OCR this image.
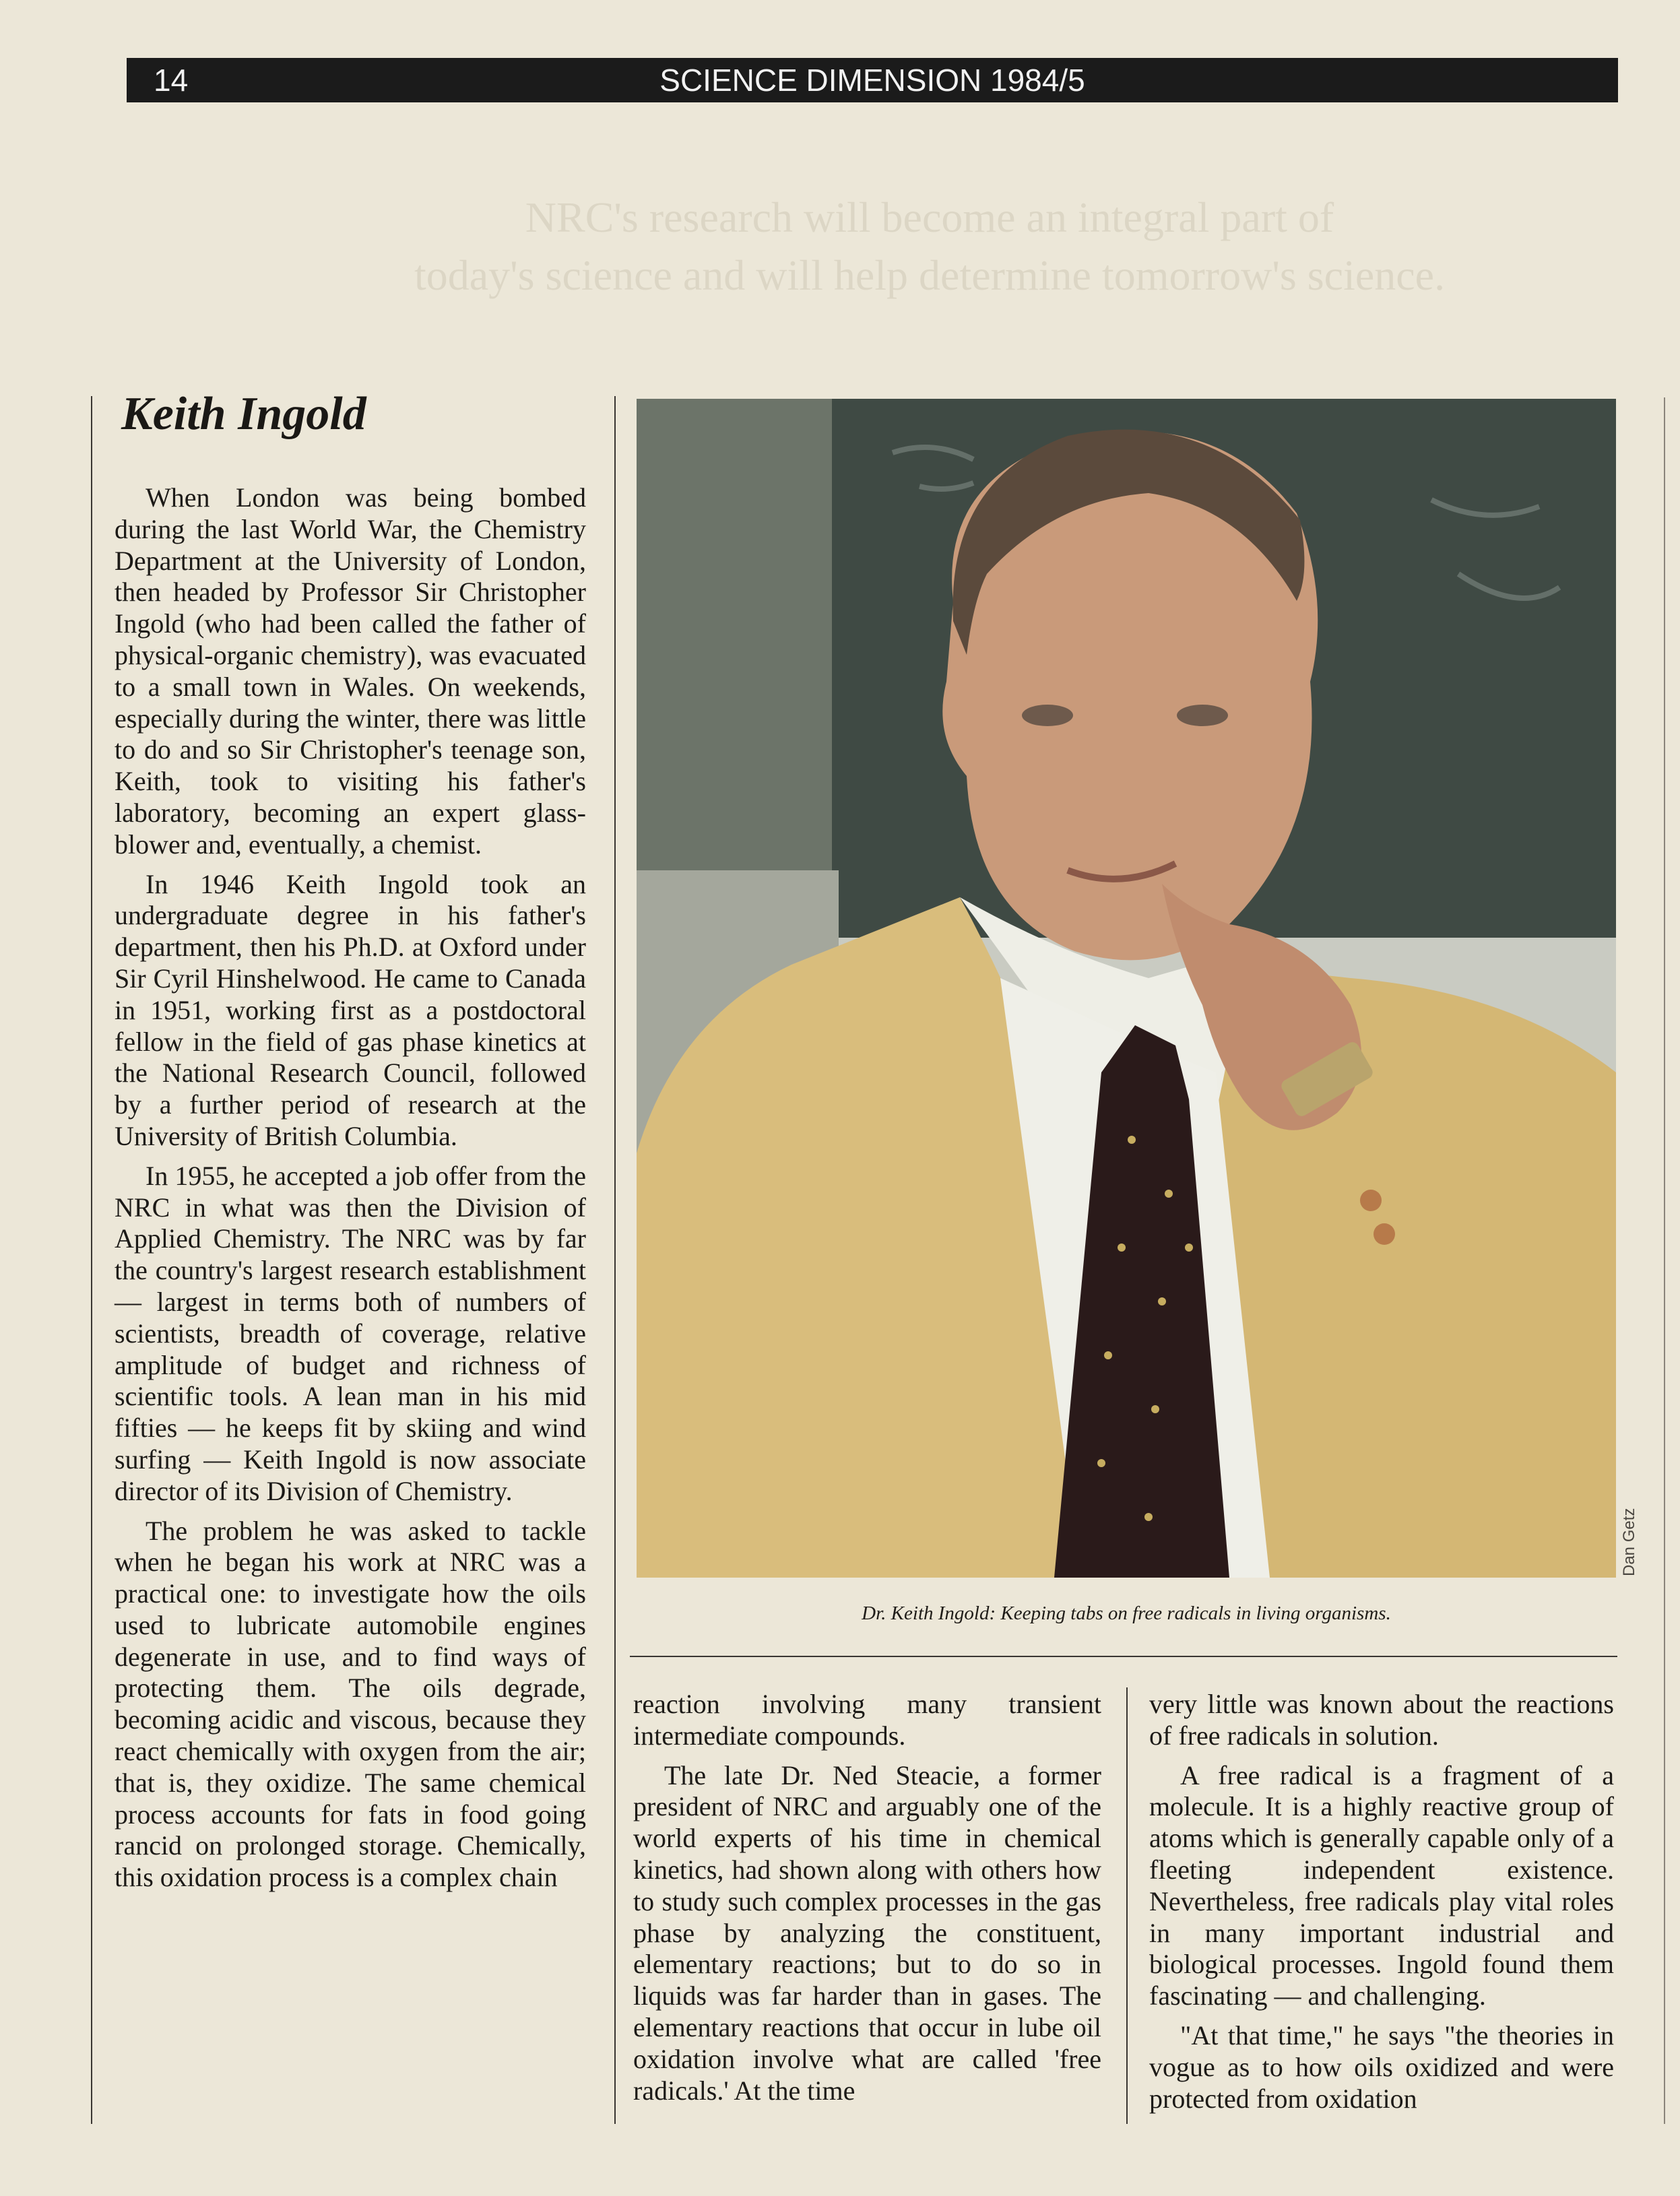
14	SCIENCE DIMENSION 1984/5
NRC's research will become an integral part of
today's science and will help determine tomorrow's science.
Keith Ingold

When London was being bombed during the last World War, the Chemistry Department at the University of London, then headed by Professor Sir Christopher Ingold (who had been called the father of physical-organic chemistry), was evacuated to a small town in Wales. On weekends, especially during the winter, there was little to do and so Sir Christopher's teenage son, Keith, took to visiting his father's laboratory, becoming an expert glass-blower and, eventually, a chemist.

In 1946 Keith Ingold took an undergraduate degree in his father's department, then his Ph.D. at Oxford under Sir Cyril Hinshelwood. He came to Canada in 1951, working first as a postdoctoral fellow in the field of gas phase kinetics at the National Research Council, followed by a further period of research at the University of British Columbia.

In 1955, he accepted a job offer from the NRC in what was then the Division of Applied Chemistry. The NRC was by far the country's largest research establishment — largest in terms both of numbers of scientists, breadth of coverage, relative amplitude of budget and richness of scientific tools. A lean man in his mid fifties — he keeps fit by skiing and wind surfing — Keith Ingold is now associate director of its Division of Chemistry.

The problem he was asked to tackle when he began his work at NRC was a practical one: to investigate how the oils used to lubricate automobile engines degenerate in use, and to find ways of protecting them. The oils degrade, becoming acidic and viscous, because they react chemically with oxygen from the air; that is, they oxidize. The same chemical process accounts for fats in food going rancid on prolonged storage. Chemically, this oxidation process is a complex chain

Dan Getz
Dr. Keith Ingold: Keeping tabs on free radicals in living organisms.

reaction involving many transient intermediate compounds.

The late Dr. Ned Steacie, a former president of NRC and arguably one of the world experts of his time in chemical kinetics, had shown along with others how to study such complex processes in the gas phase by analyzing the constituent, elementary reactions; but to do so in liquids was far harder than in gases. The elementary reactions that occur in lube oil oxidation involve what are called 'free radicals.' At the time

very little was known about the reactions of free radicals in solution.

A free radical is a fragment of a molecule. It is a highly reactive group of atoms which is generally capable only of a fleeting independent existence. Nevertheless, free radicals play vital roles in many important industrial and biological processes. Ingold found them fascinating — and challenging.

"At that time," he says "the theories in vogue as to how oils oxidized and were protected from oxidation
